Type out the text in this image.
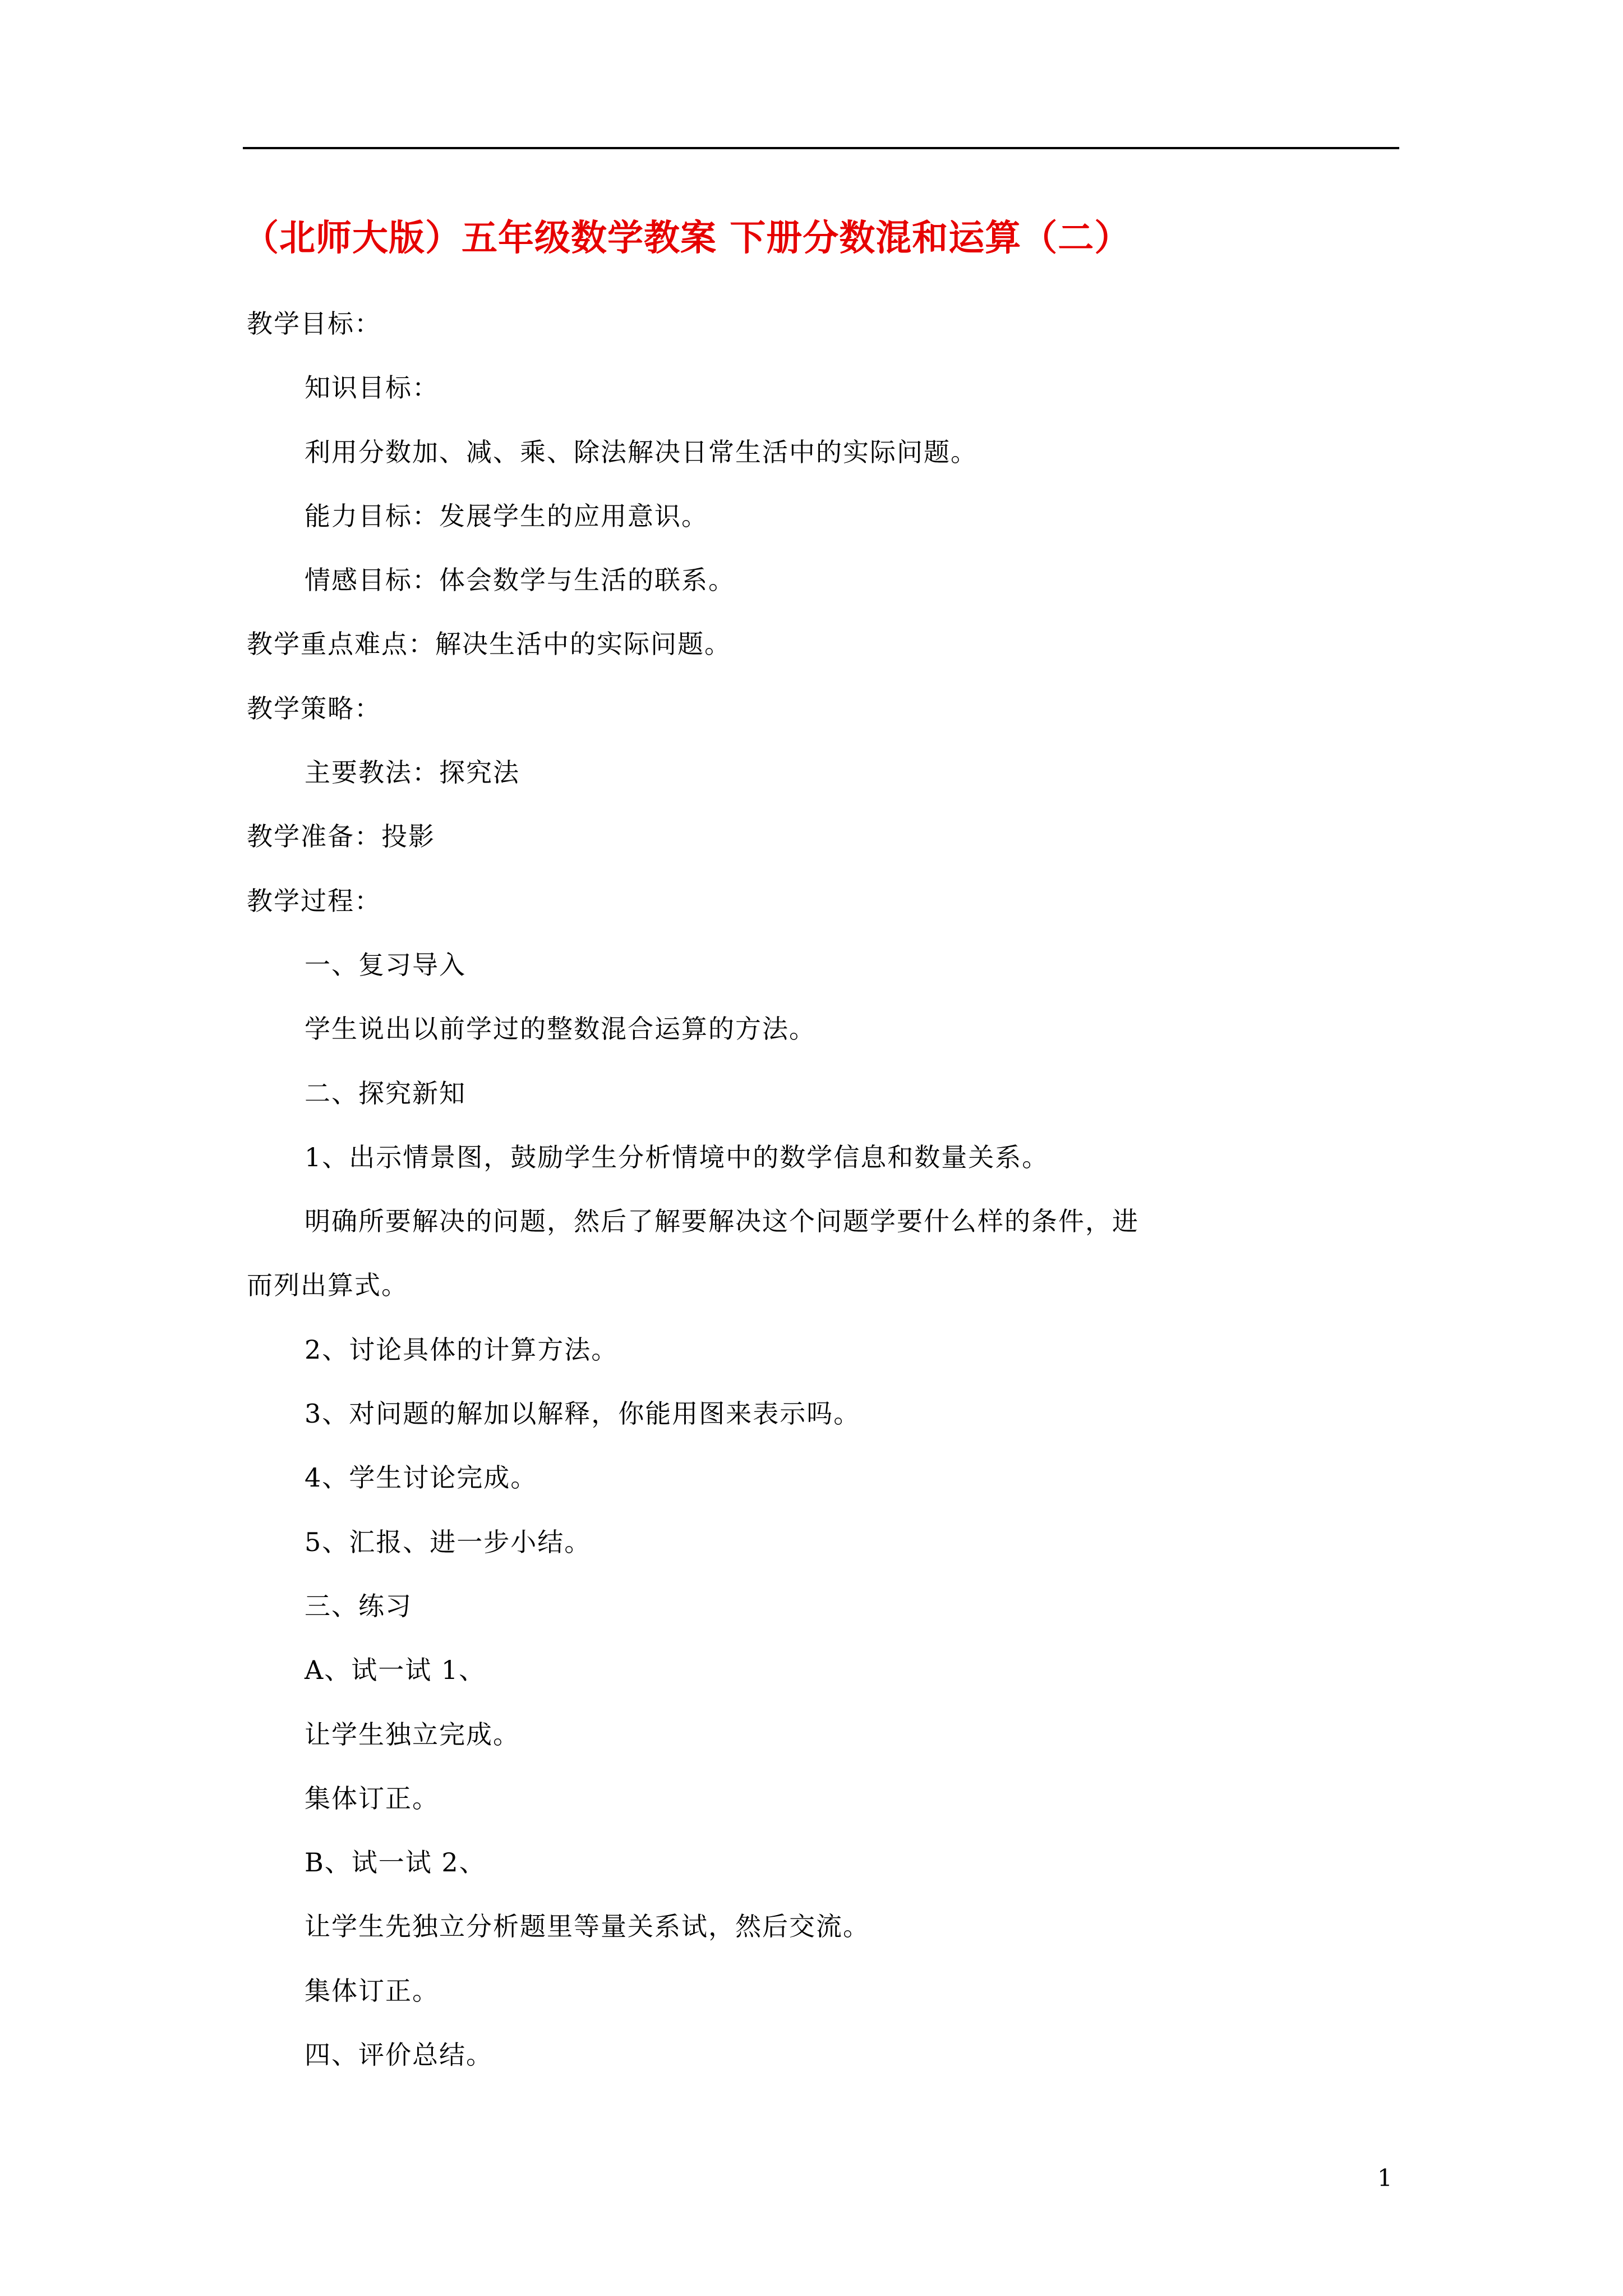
（北师大版）五年级数学教案 下册分数混和运算（二）
教学目标：
知识目标：
利用分数加、减、乘、除法解决日常生活中的实际问题。
能力目标：发展学生的应用意识。
情感目标：体会数学与生活的联系。
教学重点难点：解决生活中的实际问题。
教学策略：
主要教法：探究法
教学准备：投影
教学过程：
一、复习导入
学生说出以前学过的整数混合运算的方法。
二、探究新知
1、出示情景图，鼓励学生分析情境中的数学信息和数量关系。
明确所要解决的问题，然后了解要解决这个问题学要什么样的条件，进
而列出算式。
2、讨论具体的计算方法。
3、对问题的解加以解释，你能用图来表示吗。
4、学生讨论完成。
5、汇报、进一步小结。
三、练习
A、试一试 1、
让学生独立完成。
集体订正。
B、试一试 2、
让学生先独立分析题里等量关系试，然后交流。
集体订正。
四、评价总结。
1
